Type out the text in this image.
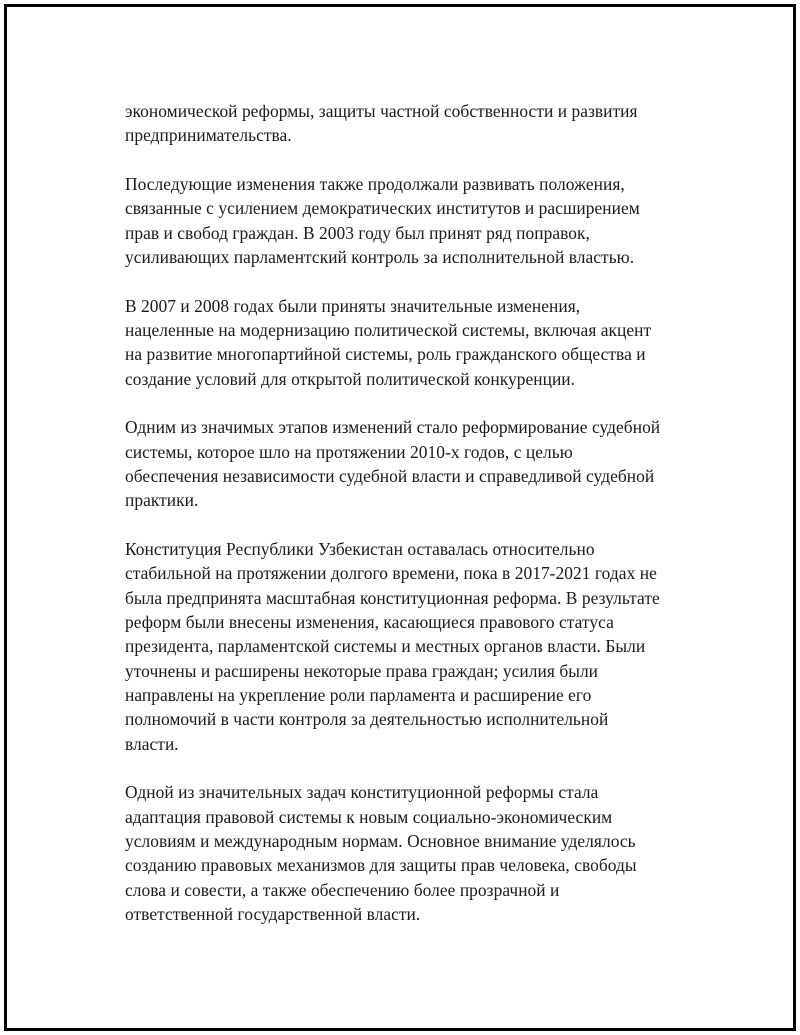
экономической реформы, защиты частной собственности и развития
предпринимательства.
Последующие изменения также продолжали развивать положения,
связанные с усилением демократических институтов и расширением
прав и свобод граждан. В 2003 году был принят ряд поправок,
усиливающих парламентский контроль за исполнительной властью.
В 2007 и 2008 годах были приняты значительные изменения,
нацеленные на модернизацию политической системы, включая акцент
на развитие многопартийной системы, роль гражданского общества и
создание условий для открытой политической конкуренции.
Одним из значимых этапов изменений стало реформирование судебной
системы, которое шло на протяжении 2010-х годов, с целью
обеспечения независимости судебной власти и справедливой судебной
практики.
Конституция Республики Узбекистан оставалась относительно
стабильной на протяжении долгого времени, пока в 2017-2021 годах не
была предпринята масштабная конституционная реформа. В результате
реформ были внесены изменения, касающиеся правового статуса
президента, парламентской системы и местных органов власти. Были
уточнены и расширены некоторые права граждан; усилия были
направлены на укрепление роли парламента и расширение его
полномочий в части контроля за деятельностью исполнительной
власти.
Одной из значительных задач конституционной реформы стала
адаптация правовой системы к новым социально-экономическим
условиям и международным нормам. Основное внимание уделялось
созданию правовых механизмов для защиты прав человека, свободы
слова и совести, а также обеспечению более прозрачной и
ответственной государственной власти.
